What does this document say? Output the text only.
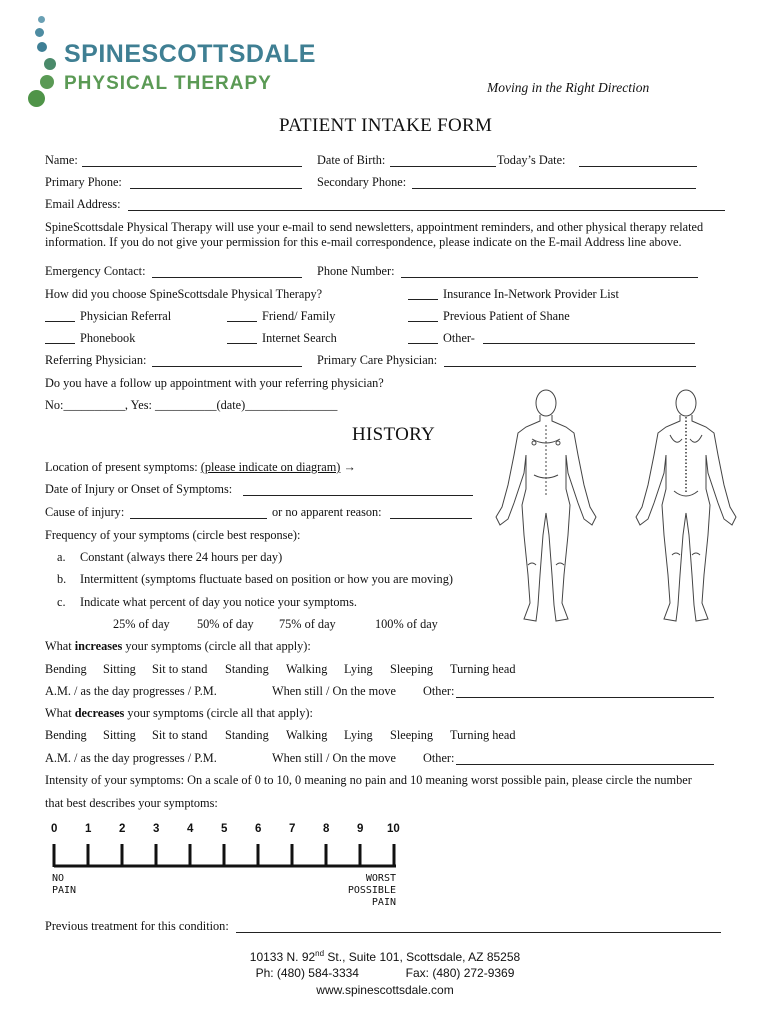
SPINESCOTTSDALE
PHYSICAL THERAPY	Moving in the Right Direction
PATIENT INTAKE FORM
Name:	Date of Birth:	Today’s Date:
Primary Phone:	Secondary Phone:
Email Address:
SpineScottsdale Physical Therapy will use your e-mail to send newsletters, appointment reminders, and other physical therapy related
information. If you do not give your permission for this e-mail correspondence, please indicate on the E-mail Address line above.
Emergency Contact:	Phone Number:
How did you choose SpineScottsdale Physical Therapy?	Insurance In-Network Provider List
Physician Referral	Friend/ Family	Previous Patient of Shane
Phonebook	Internet Search	Other-
Referring Physician:	Primary Care Physician:
Do you have a follow up appointment with your referring physician?
No:__________, Yes: __________(date)_______________
HISTORY
Location of present symptoms: (please indicate on diagram) →
Date of Injury or Onset of Symptoms:
Cause of injury:	or no apparent reason:
Frequency of your symptoms (circle best response):
a. Constant (always there 24 hours per day)
b. Intermittent (symptoms fluctuate based on position or how you are moving)
c. Indicate what percent of day you notice your symptoms.
25% of day 50% of day 75% of day	100% of day
What increases your symptoms (circle all that apply):
Bending Sitting Sit to stand Standing Walking Lying Sleeping Turning head
A.M. / as the day progresses / P.M.	When still / On the move Other:
What decreases your symptoms (circle all that apply):
Bending Sitting Sit to stand Standing Walking Lying Sleeping Turning head
A.M. / as the day progresses / P.M.	When still / On the move Other:
Intensity of your symptoms: On a scale of 0 to 10, 0 meaning no pain and 10 meaning worst possible pain, please circle the number
that best describes your symptoms:
0 1 2 3 4 5 6 7 8 9 10
NO
PAIN
WORST
POSSIBLE
PAIN
Previous treatment for this condition:
10133 N. 92nd St., Suite 101, Scottsdale, AZ 85258
Ph: (480) 584-3334	Fax: (480) 272-9369
www.spinescottsdale.com
